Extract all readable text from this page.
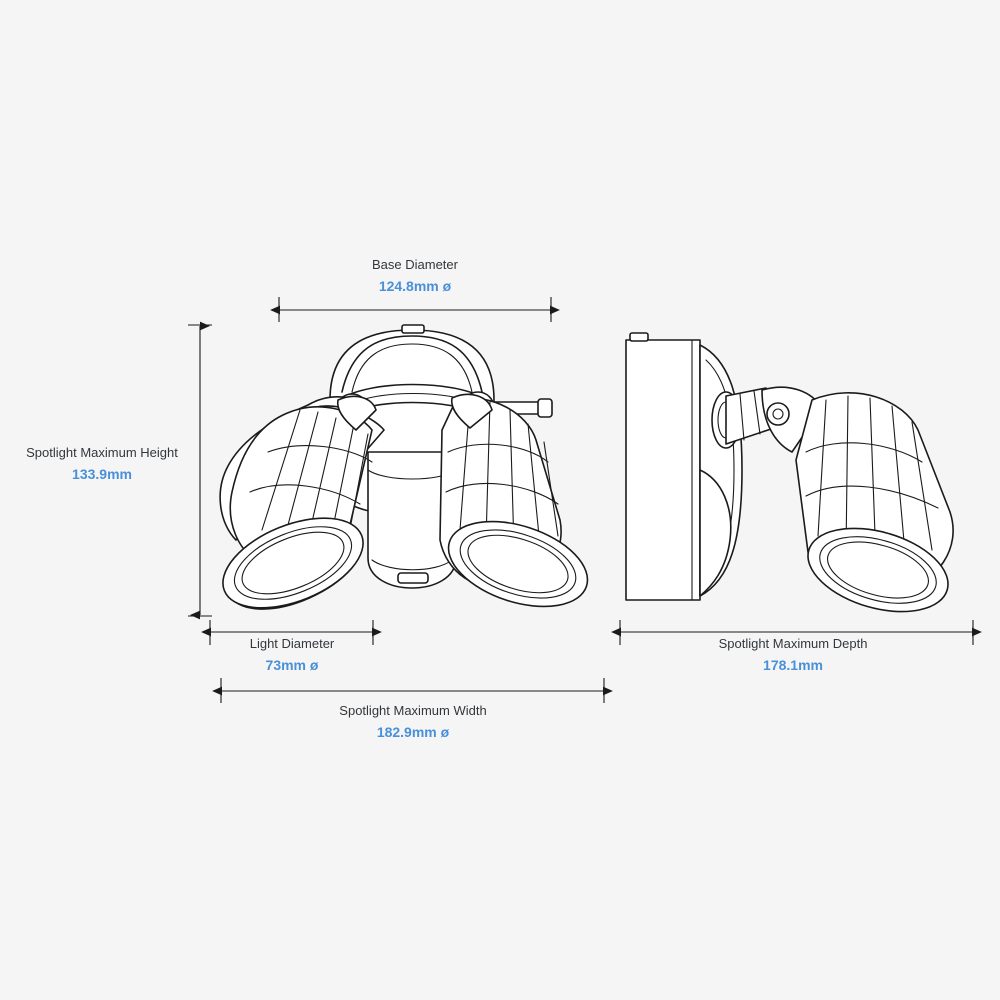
Base Diameter
124.8mm ø
Spotlight Maximum Height
133.9mm
Light Diameter
73mm ø
Spotlight Maximum Width
182.9mm ø
Spotlight Maximum Depth
178.1mm
